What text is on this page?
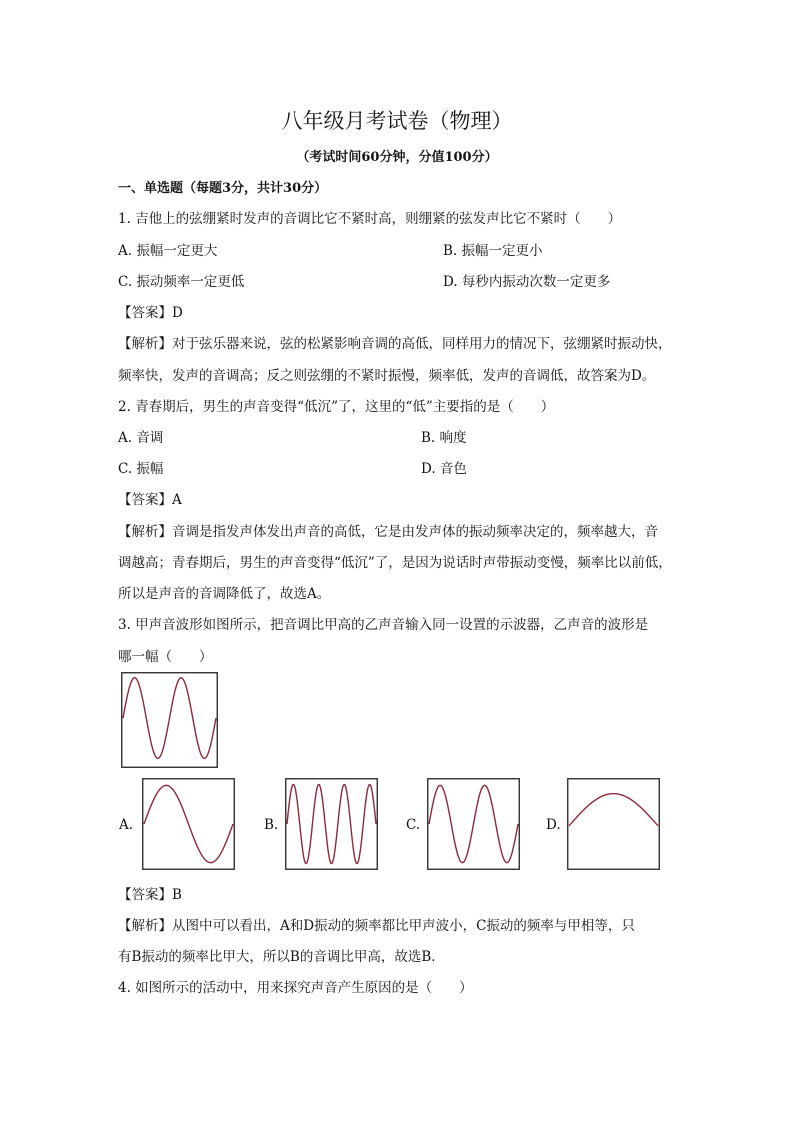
八年级月考试卷（物理）
（考试时间60分钟，分值100分）
一、单选题（每题3分，共计30分）
1. 吉他上的弦绷紧时发声的音调比它不紧时高，则绷紧的弦发声比它不紧时（　　）
A. 振幅一定更大	B. 振幅一定更小
C. 振动频率一定更低	D. 每秒内振动次数一定更多
【答案】D
【解析】对于弦乐器来说，弦的松紧影响音调的高低，同样用力的情况下，弦绷紧时振动快，
频率快，发声的音调高；反之则弦绷的不紧时振慢，频率低，发声的音调低，故答案为D。
2. 青春期后，男生的声音变得“低沉”了，这里的“低”主要指的是（　　）
A. 音调	B. 响度
C. 振幅	D. 音色
【答案】A
【解析】音调是指发声体发出声音的高低，它是由发声体的振动频率决定的，频率越大，音
调越高；青春期后，男生的声音变得“低沉”了，是因为说话时声带振动变慢，频率比以前低，
所以是声音的音调降低了，故选A。
3. 甲声音波形如图所示，把音调比甲高的乙声音输入同一设置的示波器，乙声音的波形是
哪一幅（　　）
A.	B.	C.	D.
【答案】B
【解析】从图中可以看出，A和D振动的频率都比甲声波小，C振动的频率与甲相等，只
有B振动的频率比甲大，所以B的音调比甲高，故选B．
4. 如图所示的活动中，用来探究声音产生原因的是（　　）
